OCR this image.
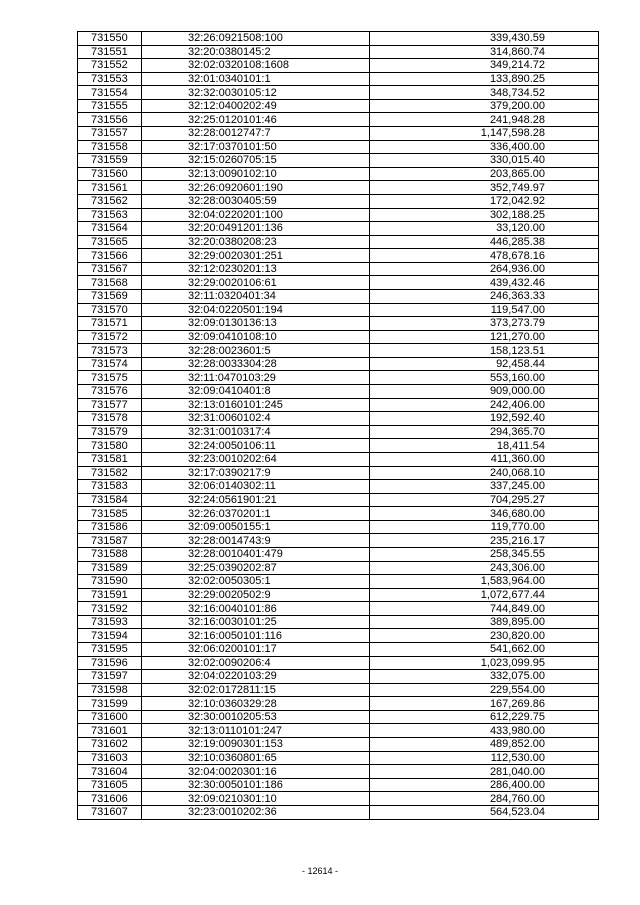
731550	32:26:0921508:100	339,430.59
731551	32:20:0380145:2	314,860.74
731552	32:02:0320108:1608	349,214.72
731553	32:01:0340101:1	133,890.25
731554	32:32:0030105:12	348,734.52
731555	32:12:0400202:49	379,200.00
731556	32:25:0120101:46	241,948.28
731557	32:28:0012747:7	1,147,598.28
731558	32:17:0370101:50	336,400.00
731559	32:15:0260705:15	330,015.40
731560	32:13:0090102:10	203,865.00
731561	32:26:0920601:190	352,749.97
731562	32:28:0030405:59	172,042.92
731563	32:04:0220201:100	302,188.25
731564	32:20:0491201:136	33,120.00
731565	32:20:0380208:23	446,285.38
731566	32:29:0020301:251	478,678.16
731567	32:12:0230201:13	264,936.00
731568	32:29:0020106:61	439,432.46
731569	32:11:0320401:34	246,363.33
731570	32:04:0220501:194	119,547.00
731571	32:09:0130136:13	373,273.79
731572	32:09:0410108:10	121,270.00
731573	32:28:0023601:5	158,123.51
731574	32:28:0033304:28	92,458.44
731575	32:11:0470103:29	553,160.00
731576	32:09:0410401:8	909,000.00
731577	32:13:0160101:245	242,406.00
731578	32:31:0060102:4	192,592.40
731579	32:31:0010317:4	294,365.70
731580	32:24:0050106:11	18,411.54
731581	32:23:0010202:64	411,360.00
731582	32:17:0390217:9	240,068.10
731583	32:06:0140302:11	337,245.00
731584	32:24:0561901:21	704,295.27
731585	32:26:0370201:1	346,680.00
731586	32:09:0050155:1	119,770.00
731587	32:28:0014743:9	235,216.17
731588	32:28:0010401:479	258,345.55
731589	32:25:0390202:87	243,306.00
731590	32:02:0050305:1	1,583,964.00
731591	32:29:0020502:9	1,072,677.44
731592	32:16:0040101:86	744,849.00
731593	32:16:0030101:25	389,895.00
731594	32:16:0050101:116	230,820.00
731595	32:06:0200101:17	541,662.00
731596	32:02:0090206:4	1,023,099.95
731597	32:04:0220103:29	332,075.00
731598	32:02:0172811:15	229,554.00
731599	32:10:0360329:28	167,269.86
731600	32:30:0010205:53	612,229.75
731601	32:13:0110101:247	433,980.00
731602	32:19:0090301:153	489,852.00
731603	32:10:0360801:65	112,530.00
731604	32:04:0020301:16	281,040.00
731605	32:30:0050101:186	286,400.00
731606	32:09:0210301:10	284,760.00
731607	32:23:0010202:36	564,523.04
- 12614 -
